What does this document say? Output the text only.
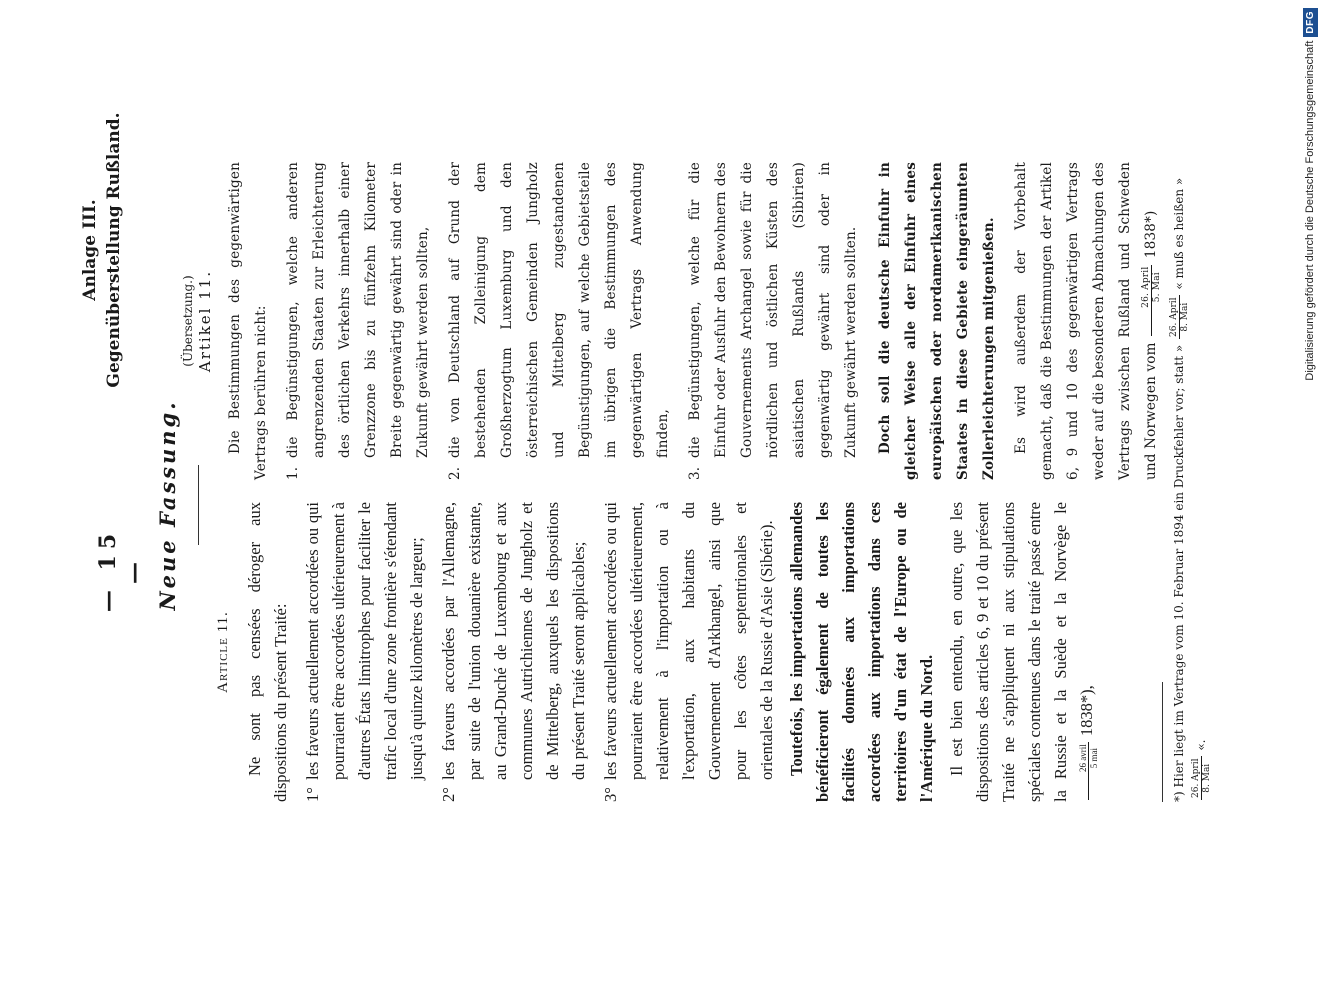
— 15 —
Anlage III. Gegenüberstellung Rußland.
Neue Fassung.
Article 11. Ne sont pas censées déroger aux dispositions du présent Traité: 1°
les faveurs actuellement accordées ou qui pourraient être accordées ultérieurement à d'autres États limitrophes pour faciliter le trafic local d'une zone frontière s'étendant jusqu'à quinze kilomètres de largeur;
2°
les faveurs accordées par l'Allemagne, par suite de l'union douanière existante, au Grand-Duché de Luxembourg et aux communes Autrichiennes de Jungholz et de Mittelberg, auxquels les dispositions du présent Traité seront applicables;
3°
les faveurs actuellement accordées ou qui pourraient être accordées ultérieurement, relativement à l'importation ou à l'exportation, aux habitants du Gouvernement d'Arkhangel, ainsi que pour les côtes septentrionales et orientales de la Russie d'Asie (Sibérie). Toutefois, les importations allemandes bénéficieront également de toutes les facilités données aux importations accordées aux importations dans ces territoires d'un état de l'Europe ou de l'Amérique du Nord. Il est bien entendu, en outre, que les dispositions des articles 6, 9 et 10 du présent Traité ne s'appliquent ni aux stipulations spéciales contenues dans le traité passé entre la Russie et la Suède et la Norvège le 26 avril 5 mai
1838*),
(Übersetzung.) Artikel 11. Die Bestimmungen des gegenwärtigen Vertrags berühren nicht:	1.
die Begünstigungen, welche anderen angrenzenden Staaten zur Erleichterung des örtlichen Verkehrs innerhalb einer Grenzzone bis zu fünfzehn Kilometer Breite gegenwärtig gewährt sind oder in Zukunft gewährt werden sollten,
2.
die von Deutschland auf Grund der bestehenden Zolleinigung dem Großherzogtum Luxemburg und den österreichischen Gemeinden Jungholz und Mittelberg zugestandenen Begünstigungen, auf welche Gebietsteile im übrigen die Bestimmungen des gegenwärtigen Vertrags Anwendung finden,
3.
die Begünstigungen, welche für die Einfuhr oder Ausfuhr den Bewohnern des Gouvernements Archangel sowie für die nördlichen und östlichen Küsten des asiatischen Rußlands (Sibirien) gegenwärtig gewährt sind oder in Zukunft gewährt werden sollten.	Doch soll die deutsche Einfuhr in gleicher Weise alle der Einfuhr eines europäischen oder nordamerikanischen Staates in diese Gebiete eingeräumten Zollerleichterungen mitgenießen.	Es wird außerdem der Vorbehalt gemacht, daß die Bestimmungen der Artikel 6, 9 und 10 des gegenwärtigen Vertrags weder auf die besonderen Abmachungen des Vertrags zwischen Rußland und Schweden und Norwegen vom
26. April 5. Mai
1838*)
*) Hier liegt im Vertrage vom 10. Februar 1894 ein Druckfehler vor; statt »
26. April 8. Mai
« muß es heißen »
26. April 8. Mai
«.
Digitalisierung gefördert durch die Deutsche Forschungsgemeinschaft
DFG
